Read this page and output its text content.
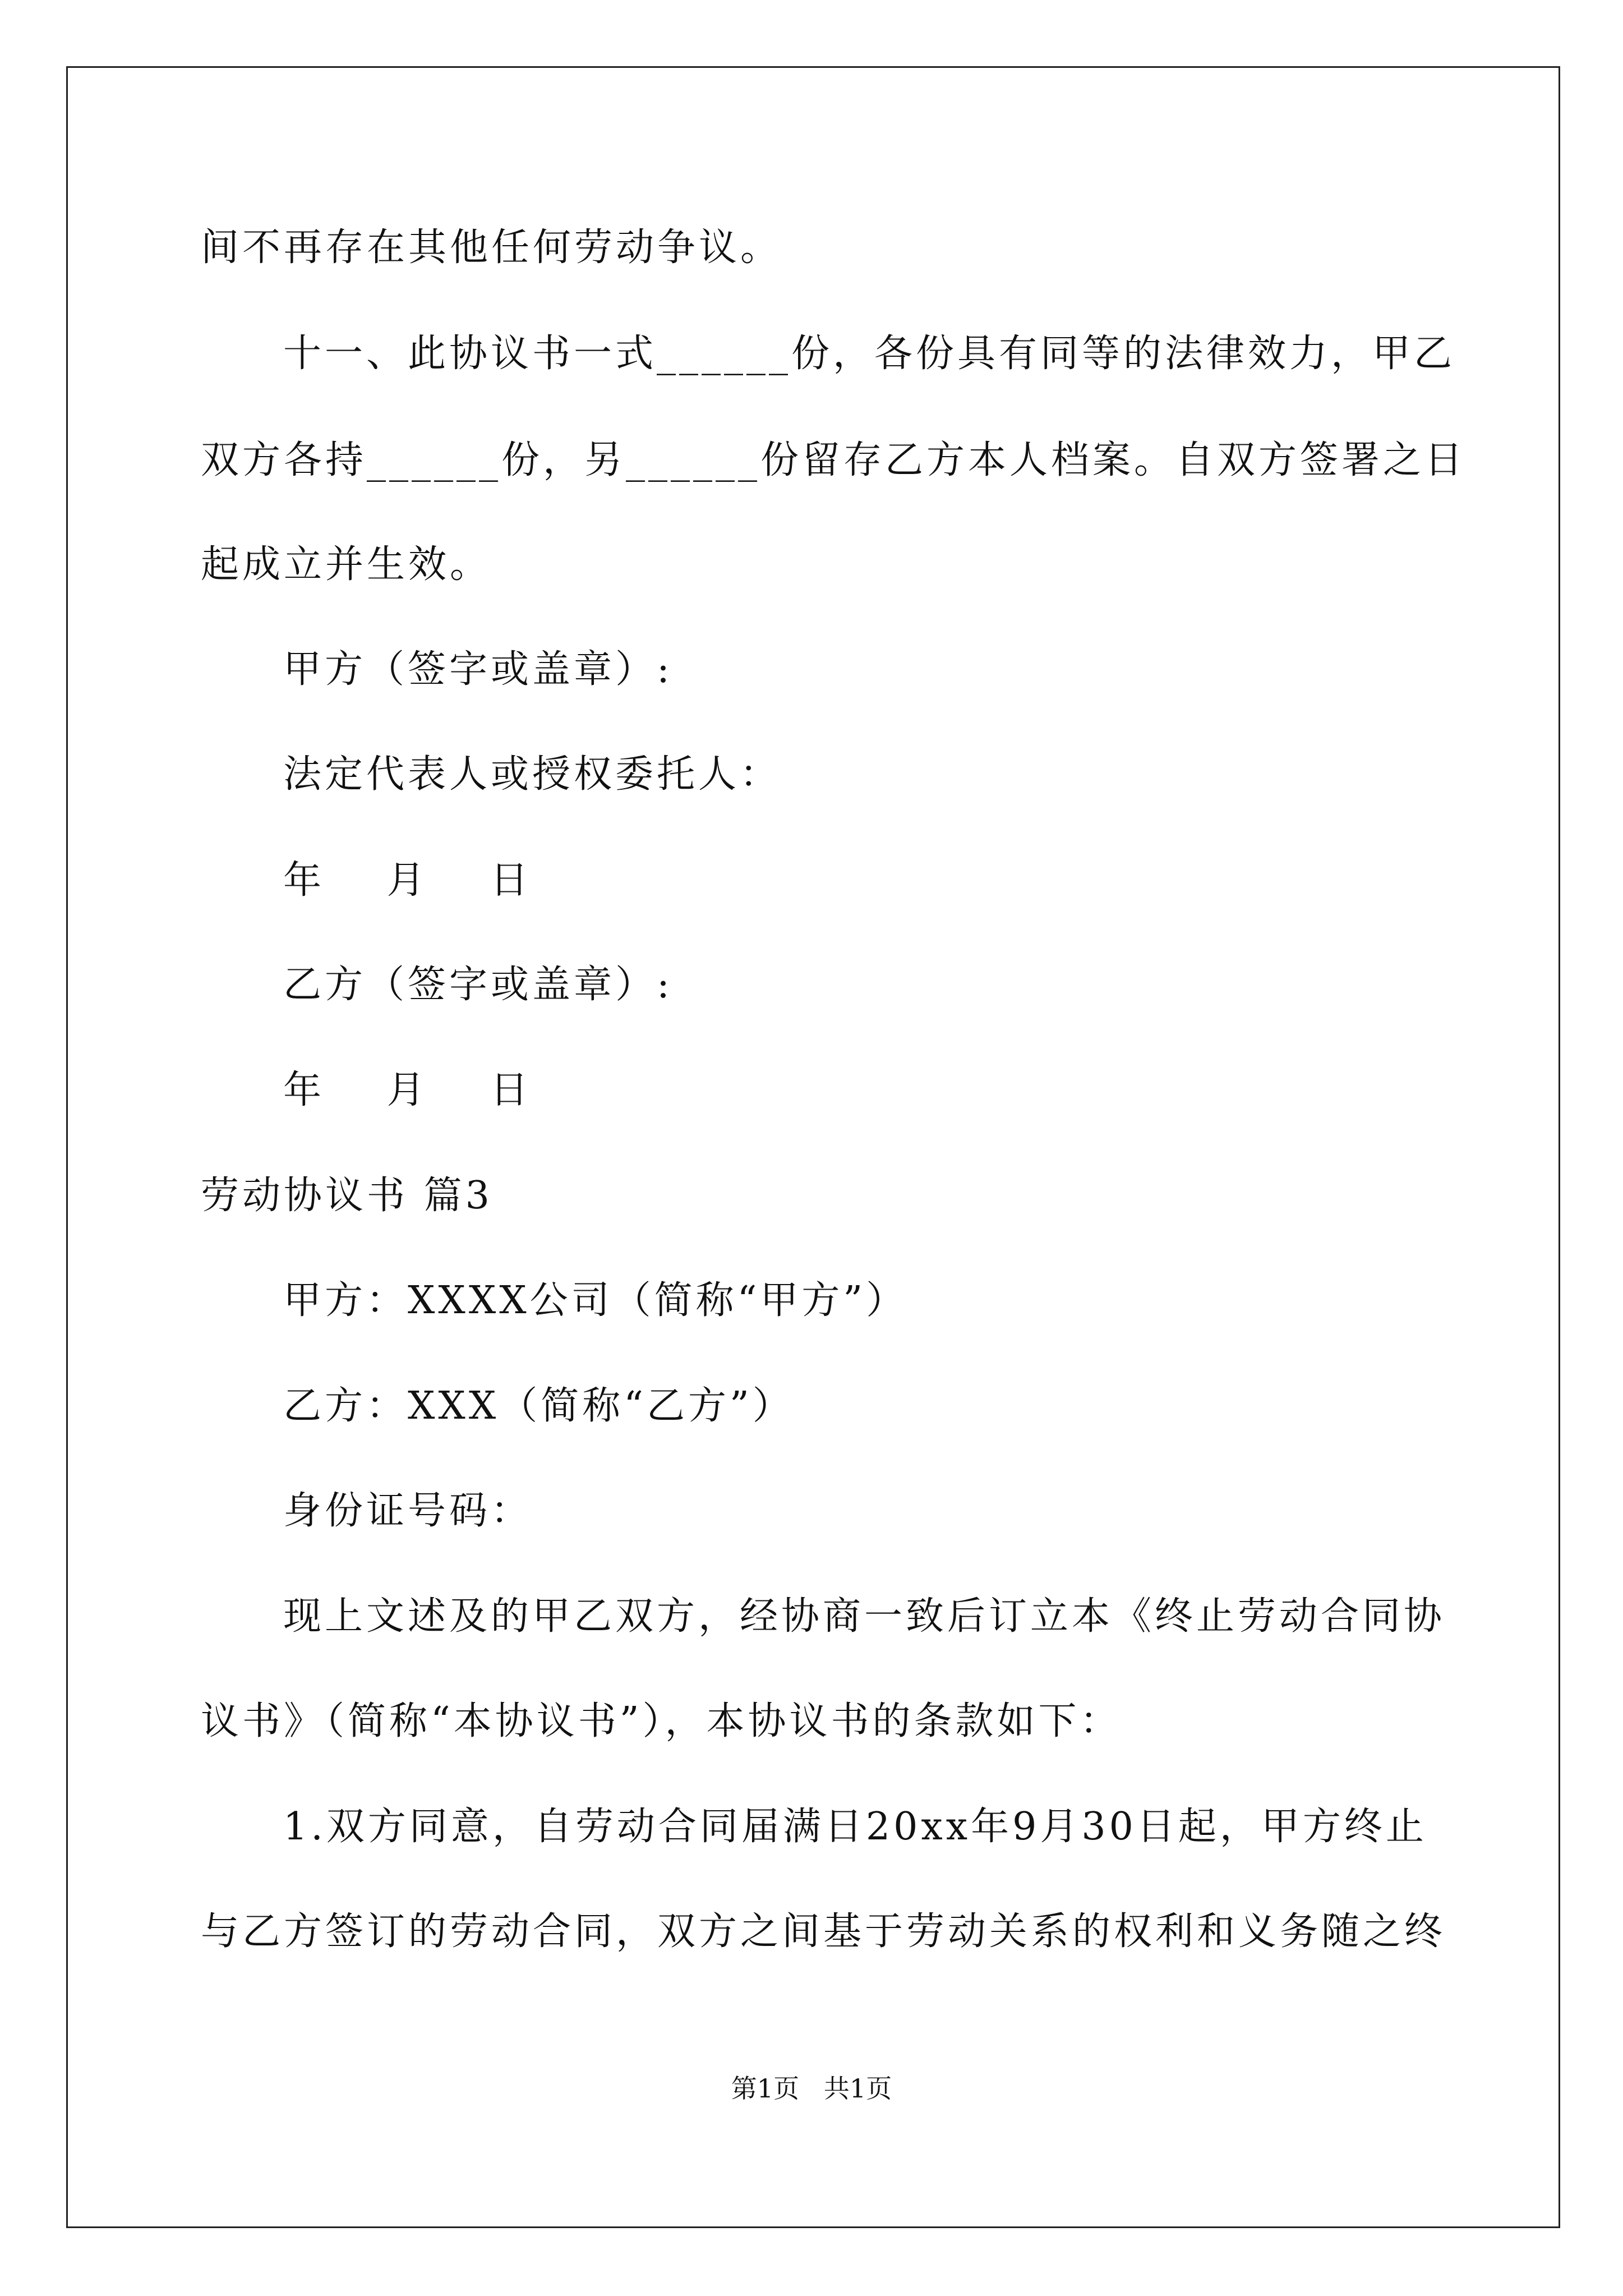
间不再存在其他任何劳动争议。
十一、此协议书一式______份，各份具有同等的法律效力，甲乙
双方各持______份，另______份留存乙方本人档案。自双方签署之日
起成立并生效。
甲方（签字或盖章）:
法定代表人或授权委托人：
年    月    日
乙方（签字或盖章）:
年    月    日
劳动协议书 篇3
甲方：XXXX公司（简称“甲方”）
乙方：XXX（简称“乙方”）
身份证号码：
现上文述及的甲乙双方，经协商一致后订立本《终止劳动合同协
议书》（简称“本协议书”），本协议书的条款如下：
1.双方同意，自劳动合同届满日20xx年9月30日起，甲方终止
与乙方签订的劳动合同，双方之间基于劳动关系的权利和义务随之终
第1页   共1页
